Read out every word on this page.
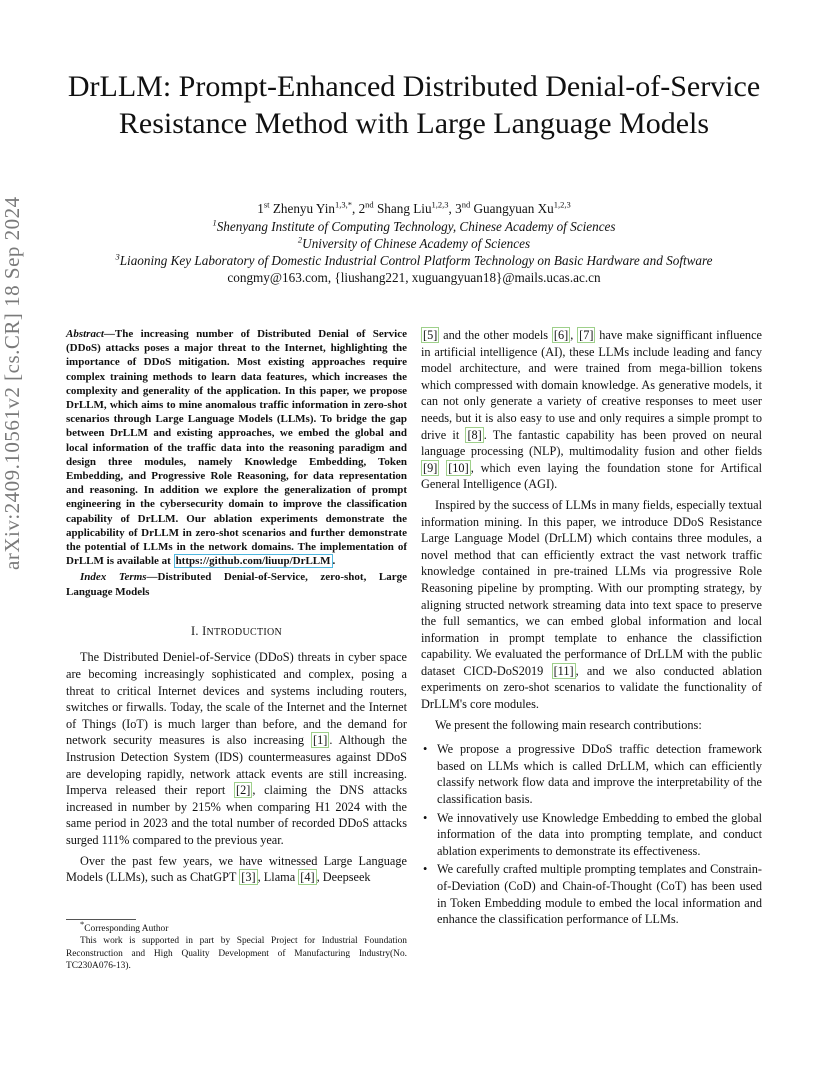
arXiv:2409.10561v2 [cs.CR] 18 Sep 2024
DrLLM: Prompt-Enhanced Distributed Denial-of-Service Resistance Method with Large Language Models
1st Zhenyu Yin$^{1,3,*}$, 2nd Shang Liu$^{1,2,3}$, 3nd Guangyuan Xu$^{1,2,3}$
$^1$Shenyang Institute of Computing Technology, Chinese Academy of Sciences
$^2$University of Chinese Academy of Sciences
$^3$Liaoning Key Laboratory of Domestic Industrial Control Platform Technology on Basic Hardware and Software
congmy@163.com, {liushang221, xuguangyuan18}@mails.ucas.ac.cn

Abstract—The increasing number of Distributed Denial of Service (DDoS) attacks poses a major threat to the Internet, highlighting the importance of DDoS mitigation. Most existing approaches require complex training methods to learn data features, which increases the complexity and generality of the application. In this paper, we propose DrLLM, which aims to mine anomalous traffic information in zero-shot scenarios through Large Language Models (LLMs). To bridge the gap between DrLLM and existing approaches, we embed the global and local information of the traffic data into the reasoning paradigm and design three modules, namely Knowledge Embedding, Token Embedding, and Progressive Role Reasoning, for data representation and reasoning. In addition we explore the generalization of prompt engineering in the cybersecurity domain to improve the classification capability of DrLLM. Our ablation experiments demonstrate the applicability of DrLLM in zero-shot scenarios and further demonstrate the potential of LLMs in the network domains. The implementation of DrLLM is available at https://github.com/liuup/DrLLM .

Index Terms—Distributed Denial-of-Service, zero-shot, Large Language Models

I. INTRODUCTION

The Distributed Deniel-of-Service (DDoS) threats in cyber space are becoming increasingly sophisticated and complex, posing a threat to critical Internet devices and systems including routers, switches or firwalls. Today, the scale of the Internet and the Internet of Things (IoT) is much larger than before, and the demand for network security measures is also increasing [1] . Although the Instrusion Detection System (IDS) countermeasures against DDoS are developing rapidly, network attack events are still increasing. Imperva released their report [2] , claiming the DNS attacks increased in number by 215% when comparing H1 2024 with the same period in 2023 and the total number of recorded DDoS attacks surged 111% compared to the previous year.

Over the past few years, we have witnessed Large Language Models (LLMs), such as ChatGPT [3] , Llama [4] , Deepseek

*Corresponding Author
This work is supported in part by Special Project for Industrial Foundation Reconstruction and High Quality Development of Manufacturing Industry(No. TC230A076-13).

[5] and the other models [6] , [7] have make signifficant influence in artificial intelligence (AI), these LLMs include leading and fancy model architecture, and were trained from mega-billion tokens which compressed with domain knowledge. As generative models, it can not only generate a variety of creative responses to meet user needs, but it is also easy to use and only requires a simple prompt to drive it [8] . The fantastic capability has been proved on neural language processing (NLP), multimodality fusion and other fields [9] [10] , which even laying the foundation stone for Artifical General Intelligence (AGI).

Inspired by the success of LLMs in many fields, especially textual information mining. In this paper, we introduce DDoS Resistance Large Language Model (DrLLM) which contains three modules, a novel method that can efficiently extract the vast network traffic knowledge contained in pre-trained LLMs via progressive Role Reasoning pipeline by prompting. With our prompting strategy, by aligning structed network streaming data into text space to preserve the full semantics, we can embed global information and local information in prompt template to enhance the classifiction capability. We evaluated the performance of DrLLM with the public dataset CICD-DoS2019 [11] , and we also conducted ablation experiments on zero-shot scenarios to validate the functionality of DrLLM's core modules.

We present the following main research contributions:

• We propose a progressive DDoS traffic detection framework based on LLMs which is called DrLLM, which can efficiently classify network flow data and improve the interpretability of the classification basis.
• We innovatively use Knowledge Embedding to embed the global information of the data into prompting template, and conduct ablation experiments to demonstrate its effectiveness.
• We carefully crafted multiple prompting templates and Constrain-of-Deviation (CoD) and Chain-of-Thought (CoT) has been used in Token Embedding module to embed the local information and enhance the classification performance of LLMs.
